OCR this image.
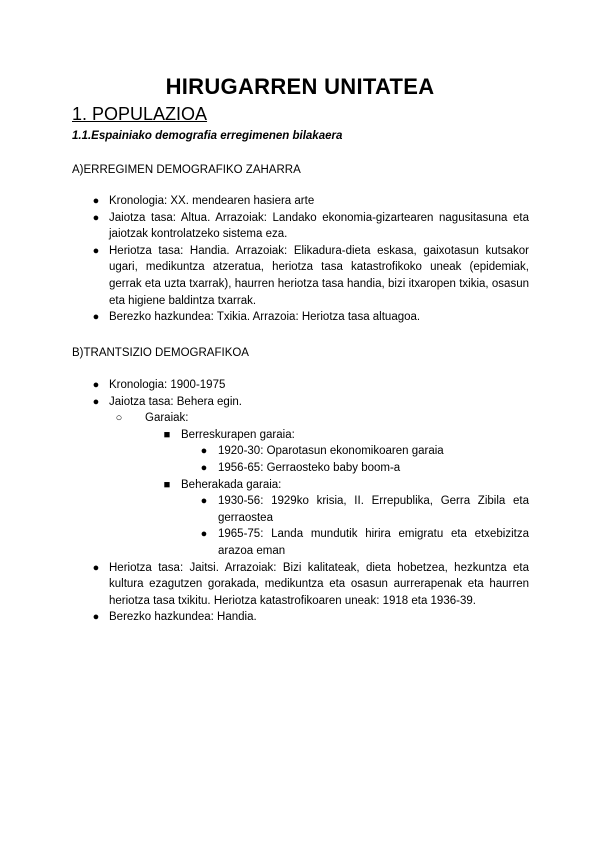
HIRUGARREN UNITATEA
1. POPULAZIOA
1.1.Espainiako demografia erregimenen bilakaera
A)ERREGIMEN DEMOGRAFIKO ZAHARRA
● Kronologia: XX. mendearen hasiera arte
● Jaiotza tasa: Altua. Arrazoiak: Landako ekonomia-gizartearen nagusitasuna eta jaiotzak kontrolatzeko sistema eza.
● Heriotza tasa: Handia. Arrazoiak: Elikadura-dieta eskasa, gaixotasun kutsakor ugari, medikuntza atzeratua, heriotza tasa katastrofikoko uneak (epidemiak, gerrak eta uzta txarrak), haurren heriotza tasa handia, bizi itxaropen txikia, osasun eta higiene baldintza txarrak.
● Berezko hazkundea: Txikia. Arrazoia: Heriotza tasa altuagoa.
B)TRANTSIZIO DEMOGRAFIKOA
● Kronologia: 1900-1975
● Jaiotza tasa: Behera egin.
○ Garaiak:
■ Berreskurapen garaia:
● 1920-30: Oparotasun ekonomikoaren garaia
● 1956-65: Gerraosteko baby boom-a
■ Beherakada garaia:
● 1930-56: 1929ko krisia, II. Errepublika, Gerra Zibila eta gerraostea
● 1965-75: Landa mundutik hirira emigratu eta etxebizitza arazoa eman
● Heriotza tasa: Jaitsi. Arrazoiak: Bizi kalitateak, dieta hobetzea, hezkuntza eta kultura ezagutzen gorakada, medikuntza eta osasun aurrerapenak eta haurren heriotza tasa txikitu. Heriotza katastrofikoaren uneak: 1918 eta 1936-39.
● Berezko hazkundea: Handia.
